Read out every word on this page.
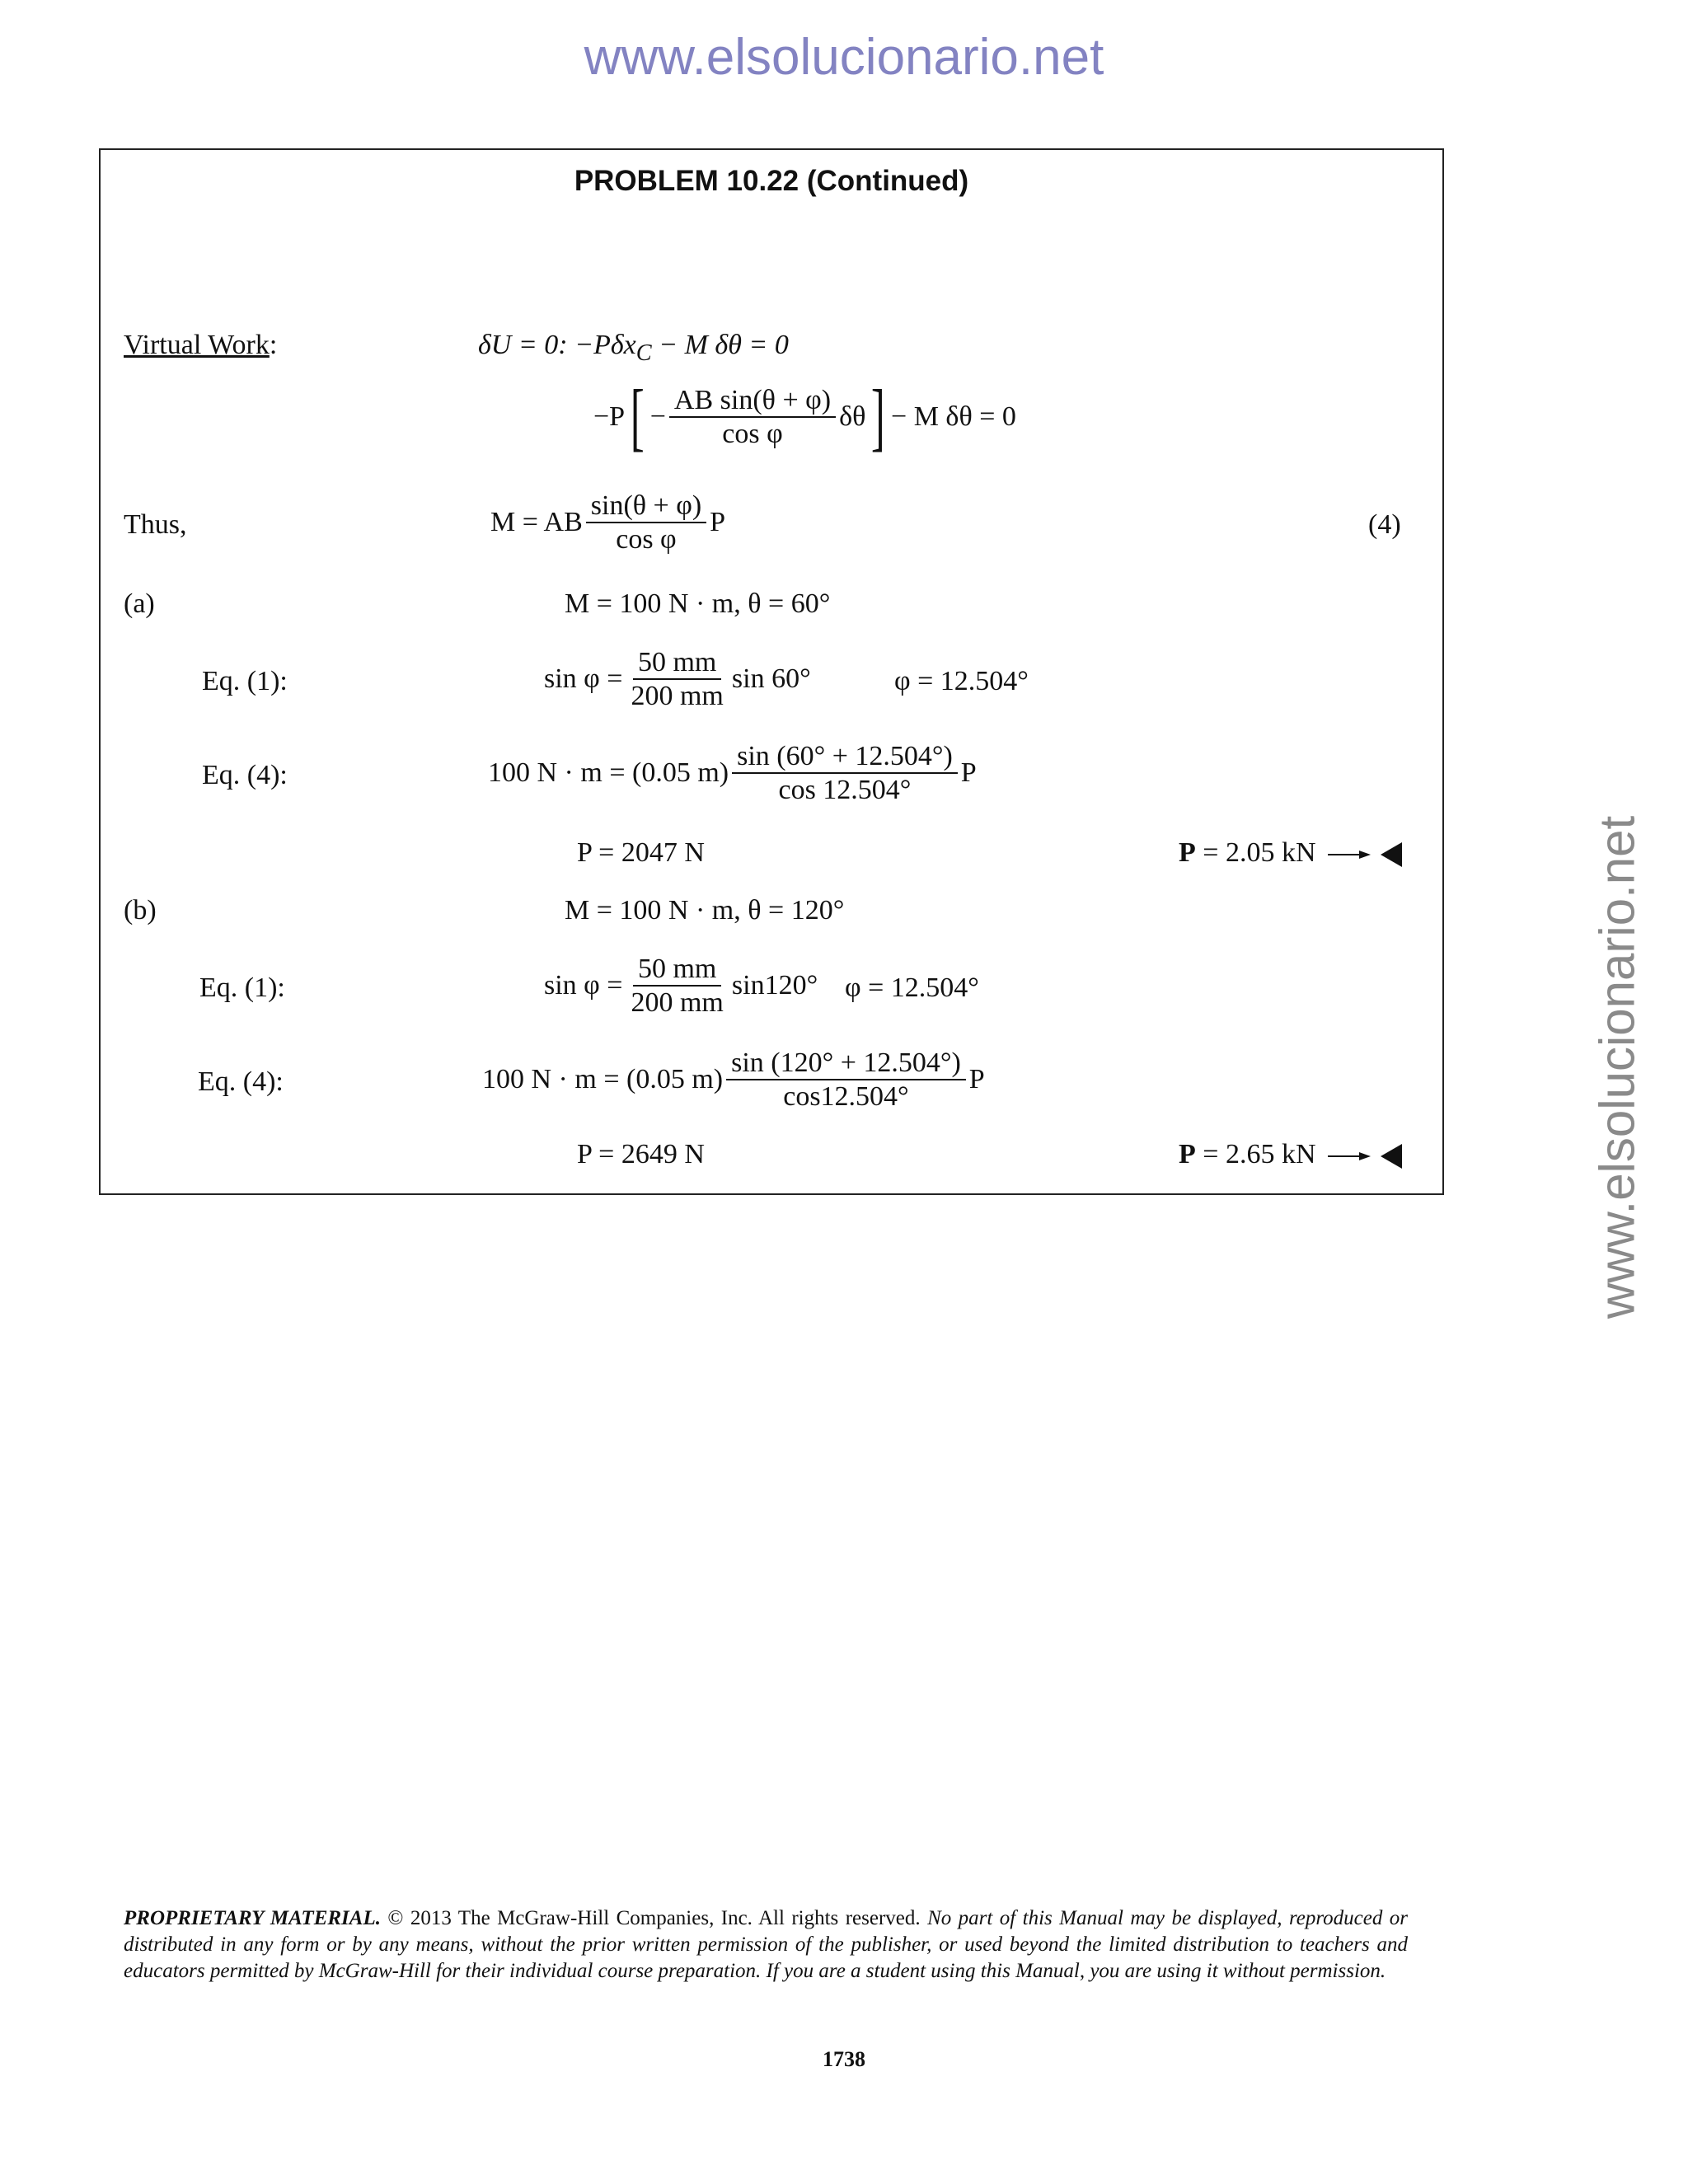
www.elsolucionario.net
www.elsolucionario.net
PROBLEM 10.22 (Continued)
Virtual Work:	δU = 0: −Pδx$_C$ − M δθ = 0
−P [ − $\frac{\text{AB sin(θ + φ)}}{\text{cos φ}}$ δθ ] − M δθ = 0
Thus,	M = AB $\frac{\sin(\theta + \varphi)}{\text{cos φ}}$ P	(4)
(a)	M = 100 N · m, θ = 60°
Eq. (1):	$\sin \varphi = \frac{50 mm}{200 mm}$ sin 60°	φ = 12.504°
Eq. (4):	100 N · m = (0.05 $m) \frac{\sin (60^\circ + 12.504^\circ)}{\cos 12.504^\circ}$ P
P = 2047 N	P = 2.05 kN
(b)	M = 100 N · m, θ = 120°
Eq. (1):	$\sin \varphi = \frac{50 mm}{200 mm} \sin 120^\circ$ φ = 12.504°
Eq. (4):	100 N · m = (0.05 $m) \frac{\sin (120^\circ + 12.504^\circ)}{\cos 12.504^\circ}$ P
P = 2649 N	P = 2.65 kN
PROPRIETARY MATERIAL. © 2013 The McGraw-Hill Companies, Inc. All rights reserved. No part of this Manual may be displayed, reproduced or distributed in any form or by any means, without the prior written permission of the publisher, or used beyond the limited distribution to teachers and educators permitted by McGraw-Hill for their individual course preparation. If you are a student using this Manual, you are using it without permission.
1738
